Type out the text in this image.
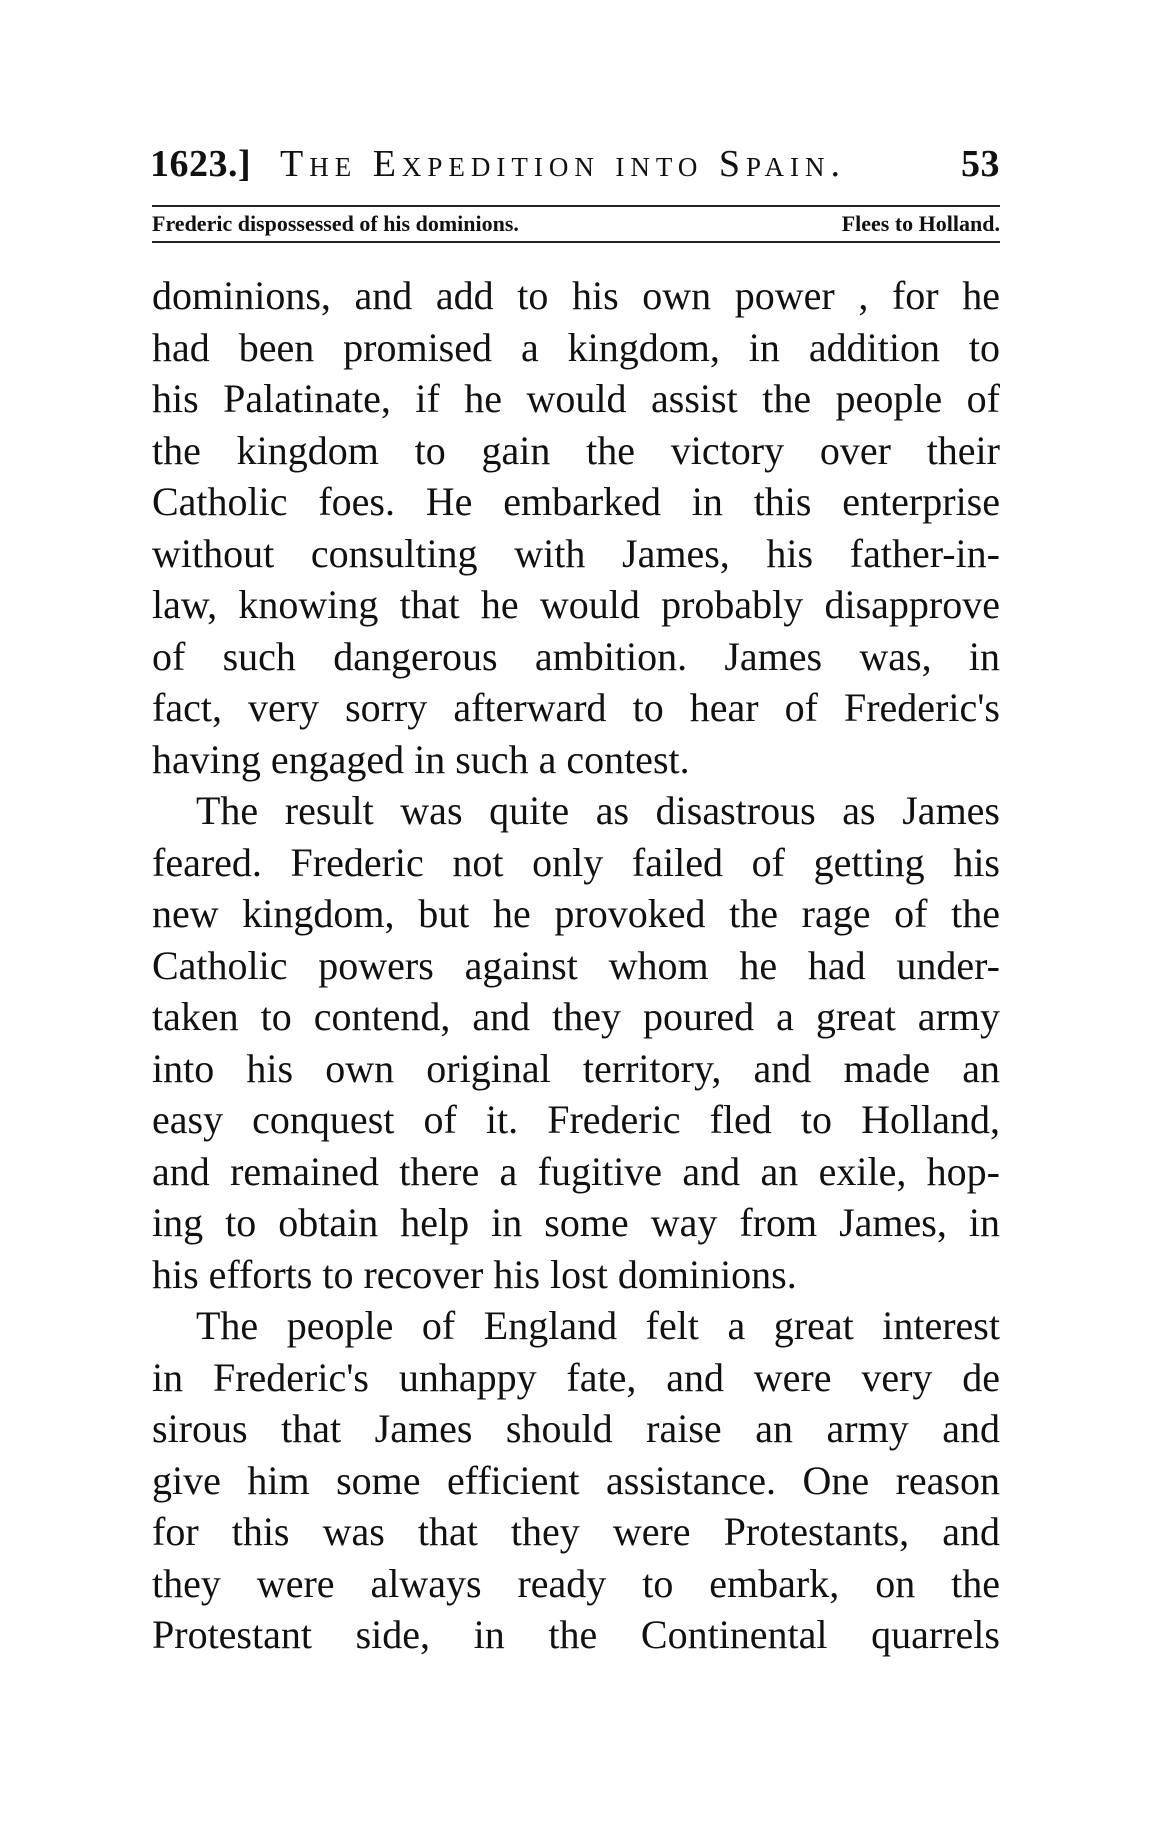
1623.] The Expedition into Spain.	53
Frederic dispossessed of his dominions.	Flees to Holland.
dominions, and add to his own power , for he
had been promised a kingdom, in addition to
his Palatinate, if he would assist the people of
the kingdom to gain the victory over their
Catholic foes. He embarked in this enterprise
without consulting with James, his father-in-
law, knowing that he would probably disapprove
of such dangerous ambition. James was, in
fact, very sorry afterward to hear of Frederic's
having engaged in such a contest.
The result was quite as disastrous as James
feared. Frederic not only failed of getting his
new kingdom, but he provoked the rage of the
Catholic powers against whom he had under-
taken to contend, and they poured a great army
into his own original territory, and made an
easy conquest of it. Frederic fled to Holland,
and remained there a fugitive and an exile, hop-
ing to obtain help in some way from James, in
his efforts to recover his lost dominions.
The people of England felt a great interest
in Frederic's unhappy fate, and were very de
sirous that James should raise an army and
give him some efficient assistance. One reason
for this was that they were Protestants, and
they were always ready to embark, on the
Protestant side, in the Continental quarrels
